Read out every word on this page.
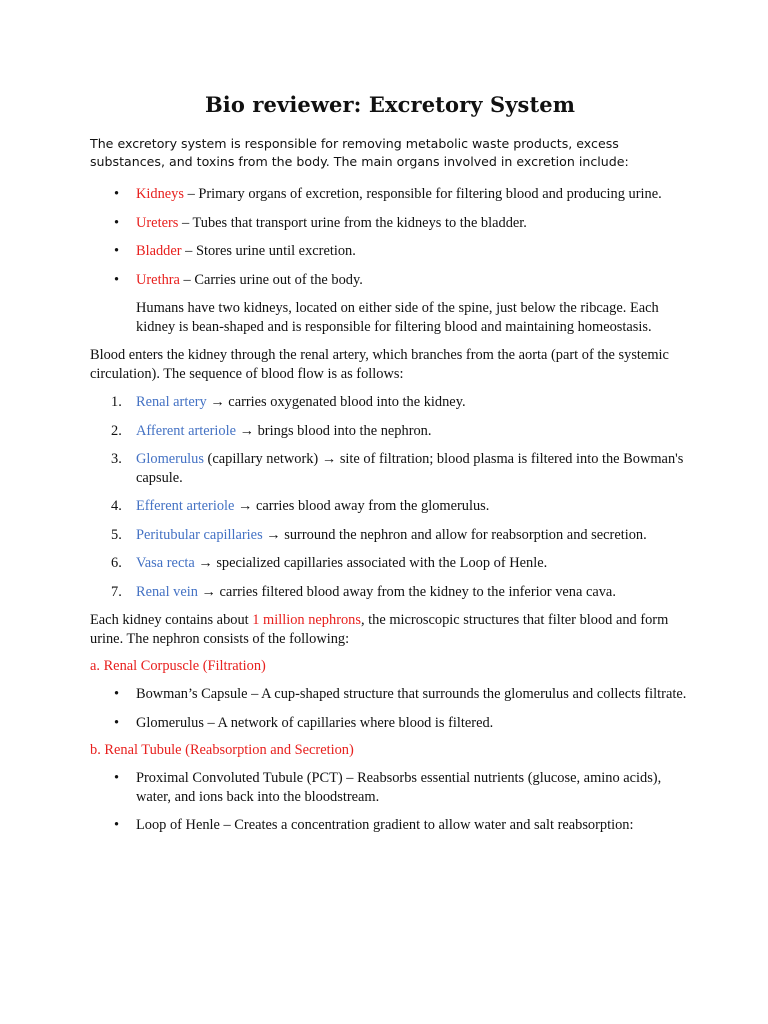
Bio reviewer: Excretory System

The excretory system is responsible for removing metabolic waste products, excess substances, and toxins from the body. The main organs involved in excretion include:

• Kidneys – Primary organs of excretion, responsible for filtering blood and producing urine.
• Ureters – Tubes that transport urine from the kidneys to the bladder.
• Bladder – Stores urine until excretion.
• Urethra – Carries urine out of the body.

Humans have two kidneys, located on either side of the spine, just below the ribcage. Each kidney is bean-shaped and is responsible for filtering blood and maintaining homeostasis.

Blood enters the kidney through the renal artery, which branches from the aorta (part of the systemic circulation). The sequence of blood flow is as follows:

1. Renal artery → carries oxygenated blood into the kidney.
2. Afferent arteriole → brings blood into the nephron.
3. Glomerulus (capillary network) → site of filtration; blood plasma is filtered into the Bowman's capsule.
4. Efferent arteriole → carries blood away from the glomerulus.
5. Peritubular capillaries → surround the nephron and allow for reabsorption and secretion.
6. Vasa recta → specialized capillaries associated with the Loop of Henle.
7. Renal vein → carries filtered blood away from the kidney to the inferior vena cava.

Each kidney contains about 1 million nephrons, the microscopic structures that filter blood and form urine. The nephron consists of the following:

a. Renal Corpuscle (Filtration)
• Bowman’s Capsule – A cup-shaped structure that surrounds the glomerulus and collects filtrate.
• Glomerulus – A network of capillaries where blood is filtered.
b. Renal Tubule (Reabsorption and Secretion)
• Proximal Convoluted Tubule (PCT) – Reabsorbs essential nutrients (glucose, amino acids), water, and ions back into the bloodstream.
• Loop of Henle – Creates a concentration gradient to allow water and salt reabsorption:
